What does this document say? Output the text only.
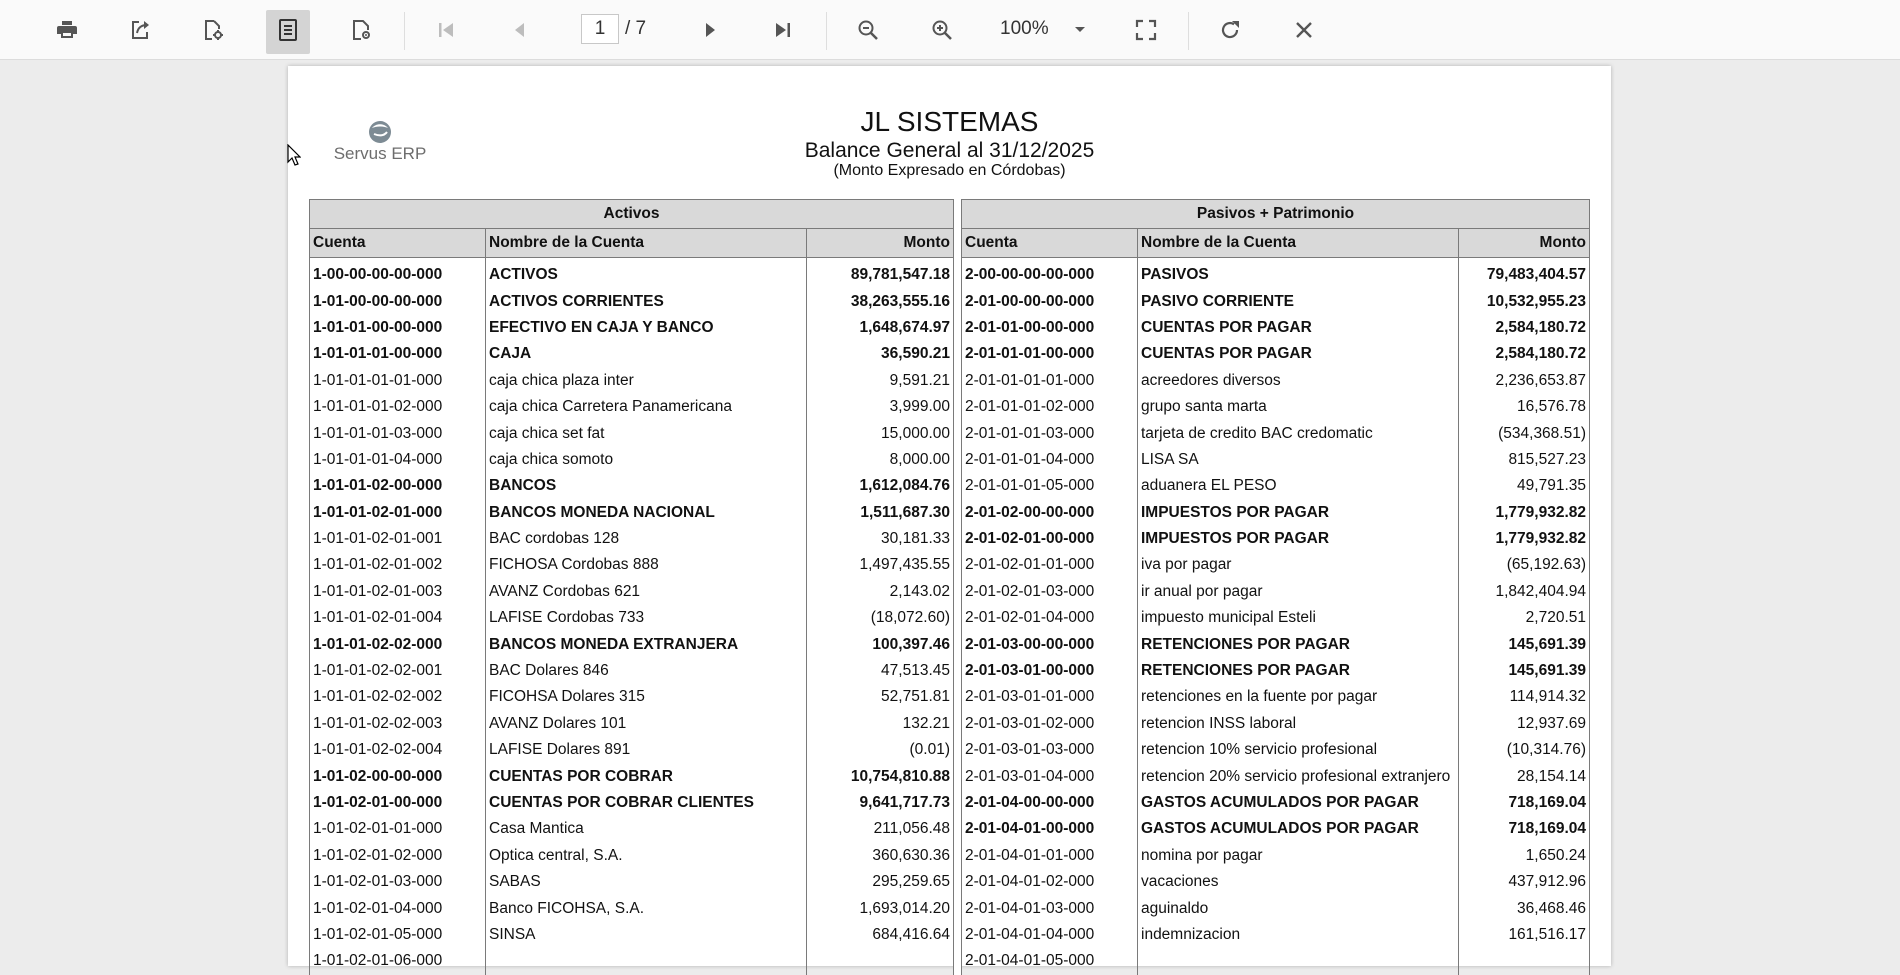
1	/ 7	100%
Servus ERP
JL SISTEMAS
Balance General al 31/12/2025
(Monto Expresado en Córdobas)
Activos				Pasivos + Patrimonio		
Cuenta	Nombre de la Cuenta	Monto		Cuenta	Nombre de la Cuenta	Monto
1-00-00-00-00-000	ACTIVOS	89,781,547.18		2-00-00-00-00-000	PASIVOS	79,483,404.57
1-01-00-00-00-000	ACTIVOS CORRIENTES	38,263,555.16		2-01-00-00-00-000	PASIVO CORRIENTE	10,532,955.23
1-01-01-00-00-000	EFECTIVO EN CAJA Y BANCO	1,648,674.97		2-01-01-00-00-000	CUENTAS POR PAGAR	2,584,180.72
1-01-01-01-00-000	CAJA	36,590.21		2-01-01-01-00-000	CUENTAS POR PAGAR	2,584,180.72
1-01-01-01-01-000	caja chica plaza inter	9,591.21		2-01-01-01-01-000	acreedores diversos	2,236,653.87
1-01-01-01-02-000	caja chica Carretera Panamericana	3,999.00		2-01-01-01-02-000	grupo santa marta	16,576.78
1-01-01-01-03-000	caja chica set fat	15,000.00		2-01-01-01-03-000	tarjeta de credito BAC credomatic	(534,368.51)
1-01-01-01-04-000	caja chica somoto	8,000.00		2-01-01-01-04-000	LISA SA	815,527.23
1-01-01-02-00-000	BANCOS	1,612,084.76		2-01-01-01-05-000	aduanera EL PESO	49,791.35
1-01-01-02-01-000	BANCOS MONEDA NACIONAL	1,511,687.30		2-01-02-00-00-000	IMPUESTOS POR PAGAR	1,779,932.82
1-01-01-02-01-001	BAC cordobas 128	30,181.33		2-01-02-01-00-000	IMPUESTOS POR PAGAR	1,779,932.82
1-01-01-02-01-002	FICHOSA Cordobas 888	1,497,435.55		2-01-02-01-01-000	iva por pagar	(65,192.63)
1-01-01-02-01-003	AVANZ Cordobas 621	2,143.02		2-01-02-01-03-000	ir anual por pagar	1,842,404.94
1-01-01-02-01-004	LAFISE Cordobas 733	(18,072.60)		2-01-02-01-04-000	impuesto municipal Esteli	2,720.51
1-01-01-02-02-000	BANCOS MONEDA EXTRANJERA	100,397.46		2-01-03-00-00-000	RETENCIONES POR PAGAR	145,691.39
1-01-01-02-02-001	BAC Dolares 846	47,513.45		2-01-03-01-00-000	RETENCIONES POR PAGAR	145,691.39
1-01-01-02-02-002	FICOHSA Dolares 315	52,751.81		2-01-03-01-01-000	retenciones en la fuente por pagar	114,914.32
1-01-01-02-02-003	AVANZ Dolares 101	132.21		2-01-03-01-02-000	retencion INSS laboral	12,937.69
1-01-01-02-02-004	LAFISE Dolares 891	(0.01)		2-01-03-01-03-000	retencion 10% servicio profesional	(10,314.76)
1-01-02-00-00-000	CUENTAS POR COBRAR	10,754,810.88		2-01-03-01-04-000	retencion 20% servicio profesional extranjero	28,154.14
1-01-02-01-00-000	CUENTAS POR COBRAR CLIENTES	9,641,717.73		2-01-04-00-00-000	GASTOS ACUMULADOS POR PAGAR	718,169.04
1-01-02-01-01-000	Casa Mantica	211,056.48		2-01-04-01-00-000	GASTOS ACUMULADOS POR PAGAR	718,169.04
1-01-02-01-02-000	Optica central, S.A.	360,630.36		2-01-04-01-01-000	nomina por pagar	1,650.24
1-01-02-01-03-000	SABAS	295,259.65		2-01-04-01-02-000	vacaciones	437,912.96
1-01-02-01-04-000	Banco FICOHSA, S.A.	1,693,014.20		2-01-04-01-03-000	aguinaldo	36,468.46
1-01-02-01-05-000	SINSA	684,416.64		2-01-04-01-04-000	indemnizacion	161,516.17
1-01-02-01-06-000				2-01-04-01-05-000		
